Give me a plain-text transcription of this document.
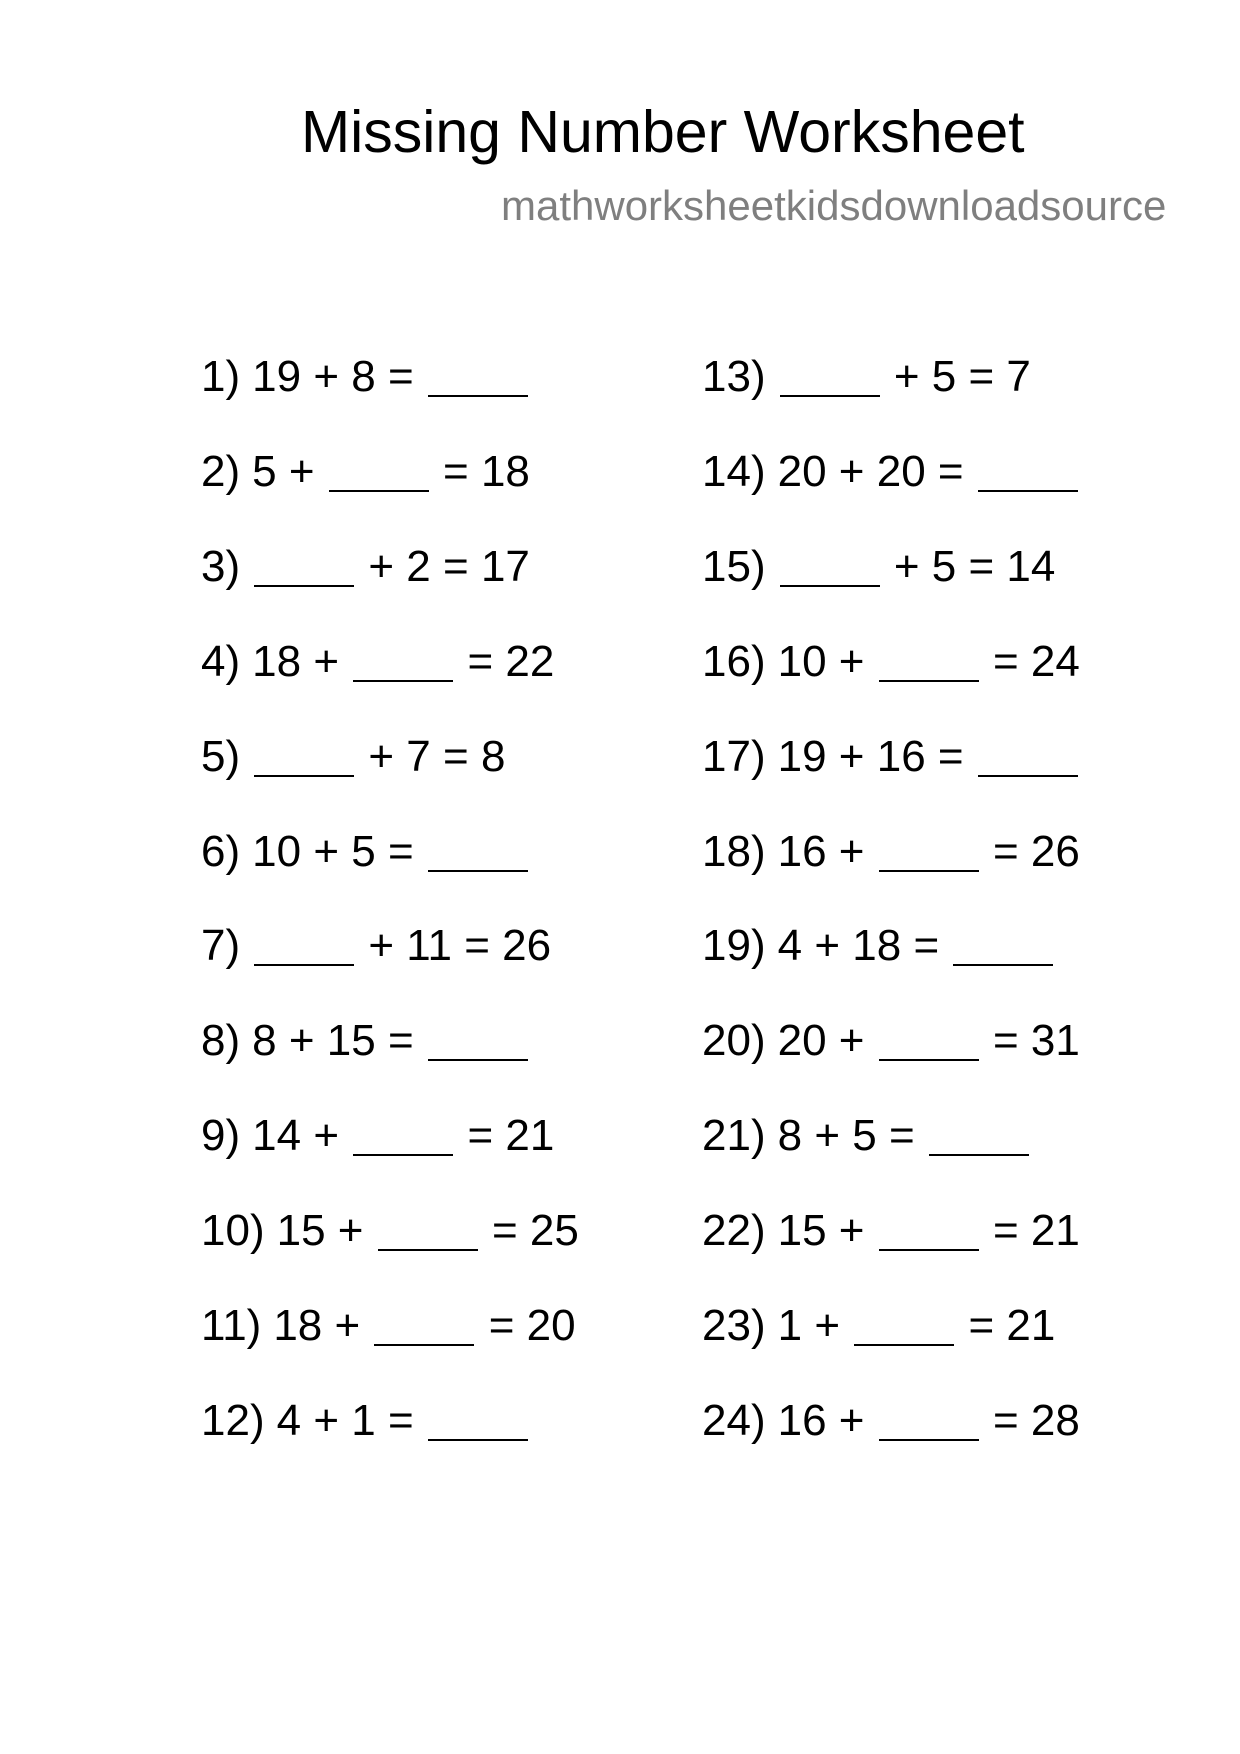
Missing Number Worksheet
mathworksheetkidsdownloadsource
1) 19 + 8 =
2) 5 +	= 18
3)	+ 2 = 17
4) 18 +	= 22
5)	+ 7 = 8
6) 10 + 5 =
7)	+ 11 = 26
8) 8 + 15 =
9) 14 +	= 21
10) 15 +	= 25
11) 18 +	= 20
12) 4 + 1 =
13)	+ 5 = 7
14) 20 + 20 =
15)	+ 5 = 14
16) 10 +	= 24
17) 19 + 16 =
18) 16 +	= 26
19) 4 + 18 =
20) 20 +	= 31
21) 8 + 5 =
22) 15 +	= 21
23) 1 +	= 21
24) 16 +	= 28
